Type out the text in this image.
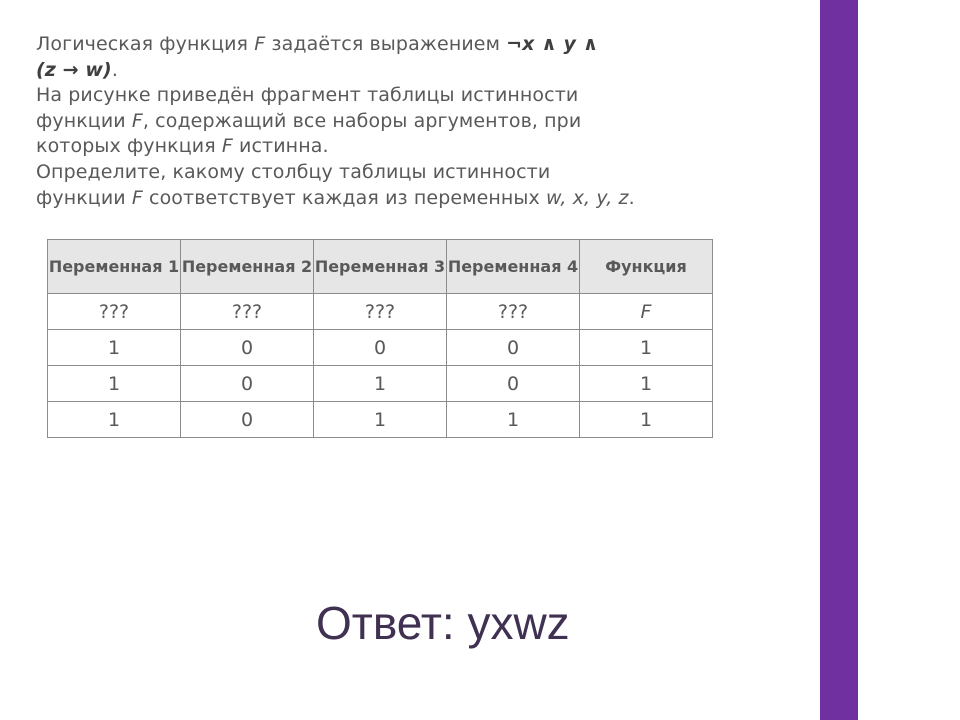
Логическая функция F задаётся выражением ¬x ∧ y ∧

(z → w).

На рисунке приведён фрагмент таблицы истинности

функции F, содержащий все наборы аргументов, при

которых функция F истинна.

Определите, какому столбцу таблицы истинности

функции F соответствует каждая из переменных w, x, y, z.

Переменная 1	Переменная 2	Переменная 3	Переменная 4	Функция
???	???	???	???	F
1	0	0	0	1
1	0	1	0	1
1	0	1	1	1
Ответ: yxwz
